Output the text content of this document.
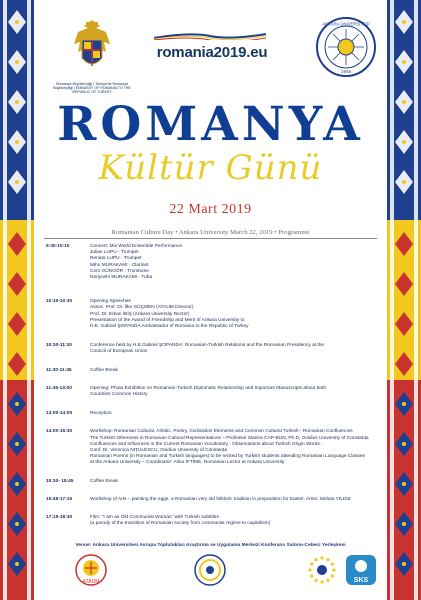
Romanya Büyükelçiliği | Türkiye'de Romanya Büyükelçiliği | EMBASSY OF ROMANIA TO THE REPUBLIC OF TURKEY
romania2019.eu
ANKARA ÜNİVERSİTESİ
1946
ROMANYA
Kültür Günü
22 Mart 2019
Romanian Culture Day • Ankara University March 22, 2019 • Programme
9:30-10:10	Concert: Mix World Ensemble Performance
Julian LUPU - Trumpet
Renata LUPU - Trumpet
Miho MURAKAMI - Clarinet
Cem GÜNGÖR - Trombone
Noriyoshi MURAKAMI - Tuba
10:10-10:30	Opening Speeches
Assoc. Prof. Dr. İlke GÜÇMEN (ATAUM Director)
Prof. Dr. Erkan İBİŞ (Ankara University Rector)
Presentation of the Award of Friendship and Merit of Ankara University to
H.E. Gabriel ŞOPANDA Ambassador of Romania to the Republic of Turkey
10:30-11:30	Conference held by H.E.Gabriel ŞOPANDA: Romanian-Turkish Relations and the Romanian Presidency at the
Council of European Union
11:30-11:45	Coffee Break
11:45-13:00	Opening: Photo Exhibition on Romanian-Turkish Diplomatic Relationship and Important Manuscripts about both
Countries Common History
13:00-14:00	Reception
14:00-15:30	Workshop: Romanian Cultural, Artistic, Poetry, Civilization Elements and Common Cultural Turkish - Romanian Confluences
The Turkish Otherness in Romanian Cultural Representations – Professor Marina CAP-BUN, Ph.D, Ovidius University of Constanța
Confluences and Influences in the Current Romanian Vocabulary - Observations about Turkish Origin Words -
Conf. Dr. Veronica NIȚULESCU, Ovidius University of Constanța
Romanian Poems (in Romanian and Turkish languages) to be recited by Turkish students attending Romanian Language Classes
at the Ankara University – Coordinator: Alina İFTİME, Romanian Lector at Ankara University
15:30- 15:45	Coffee Break
15:45-17:15	Workshop of Arts – painting the eggs, a Romanian very old folkloric tradition in preparation for Easter. Artist: Steluta YILDIZ
17:15-18:30	Film: "I am an Old Communist Woman" with Turkish subtitles
(a parody of the transition of Romanian society from communist regime to capitalism)
Venue: Ankara Üniversitesi Avrupa Toplulukları Araştırma ve Uygulama Merkezi Konferans Salonu-Cebeci Yerleşkesi
ATAUM	SKS
